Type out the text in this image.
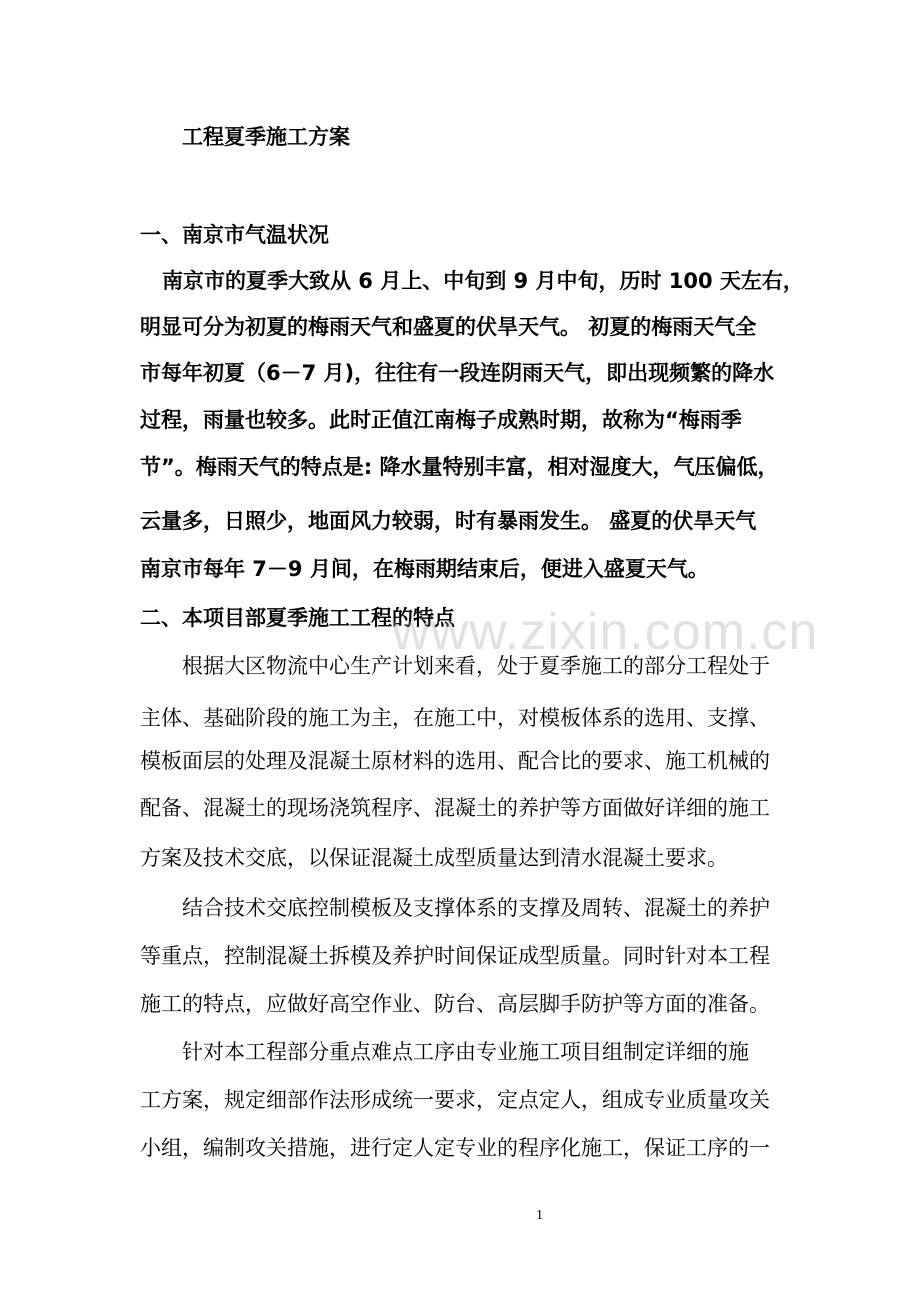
工程夏季施工方案
一、南京市气温状况
南京市的夏季大致从 6 月上、中旬到 9 月中旬，历时 100 天左右，
明显可分为初夏的梅雨天气和盛夏的伏旱天气。 初夏的梅雨天气全
市每年初夏（6－7 月)，往往有一段连阴雨天气，即出现频繁的降水
过程，雨量也较多。此时正值江南梅子成熟时期，故称为“梅雨季
节”。梅雨天气的特点是: 降水量特别丰富，相对湿度大，气压偏低，
云量多，日照少，地面风力较弱，时有暴雨发生。 盛夏的伏旱天气
南京市每年 7－9 月间，在梅雨期结束后，便进入盛夏天气。
二、本项目部夏季施工工程的特点
www.zixin.com.cn
根据大区物流中心生产计划来看，处于夏季施工的部分工程处于
主体、基础阶段的施工为主，在施工中，对模板体系的选用、支撑、
模板面层的处理及混凝土原材料的选用、配合比的要求、施工机械的
配备、混凝土的现场浇筑程序、混凝土的养护等方面做好详细的施工
方案及技术交底，以保证混凝土成型质量达到清水混凝土要求。
结合技术交底控制模板及支撑体系的支撑及周转、混凝土的养护
等重点，控制混凝土拆模及养护时间保证成型质量。同时针对本工程
施工的特点，应做好高空作业、防台、高层脚手防护等方面的准备。
针对本工程部分重点难点工序由专业施工项目组制定详细的施
工方案，规定细部作法形成统一要求，定点定人，组成专业质量攻关
小组，编制攻关措施，进行定人定专业的程序化施工，保证工序的一
1
